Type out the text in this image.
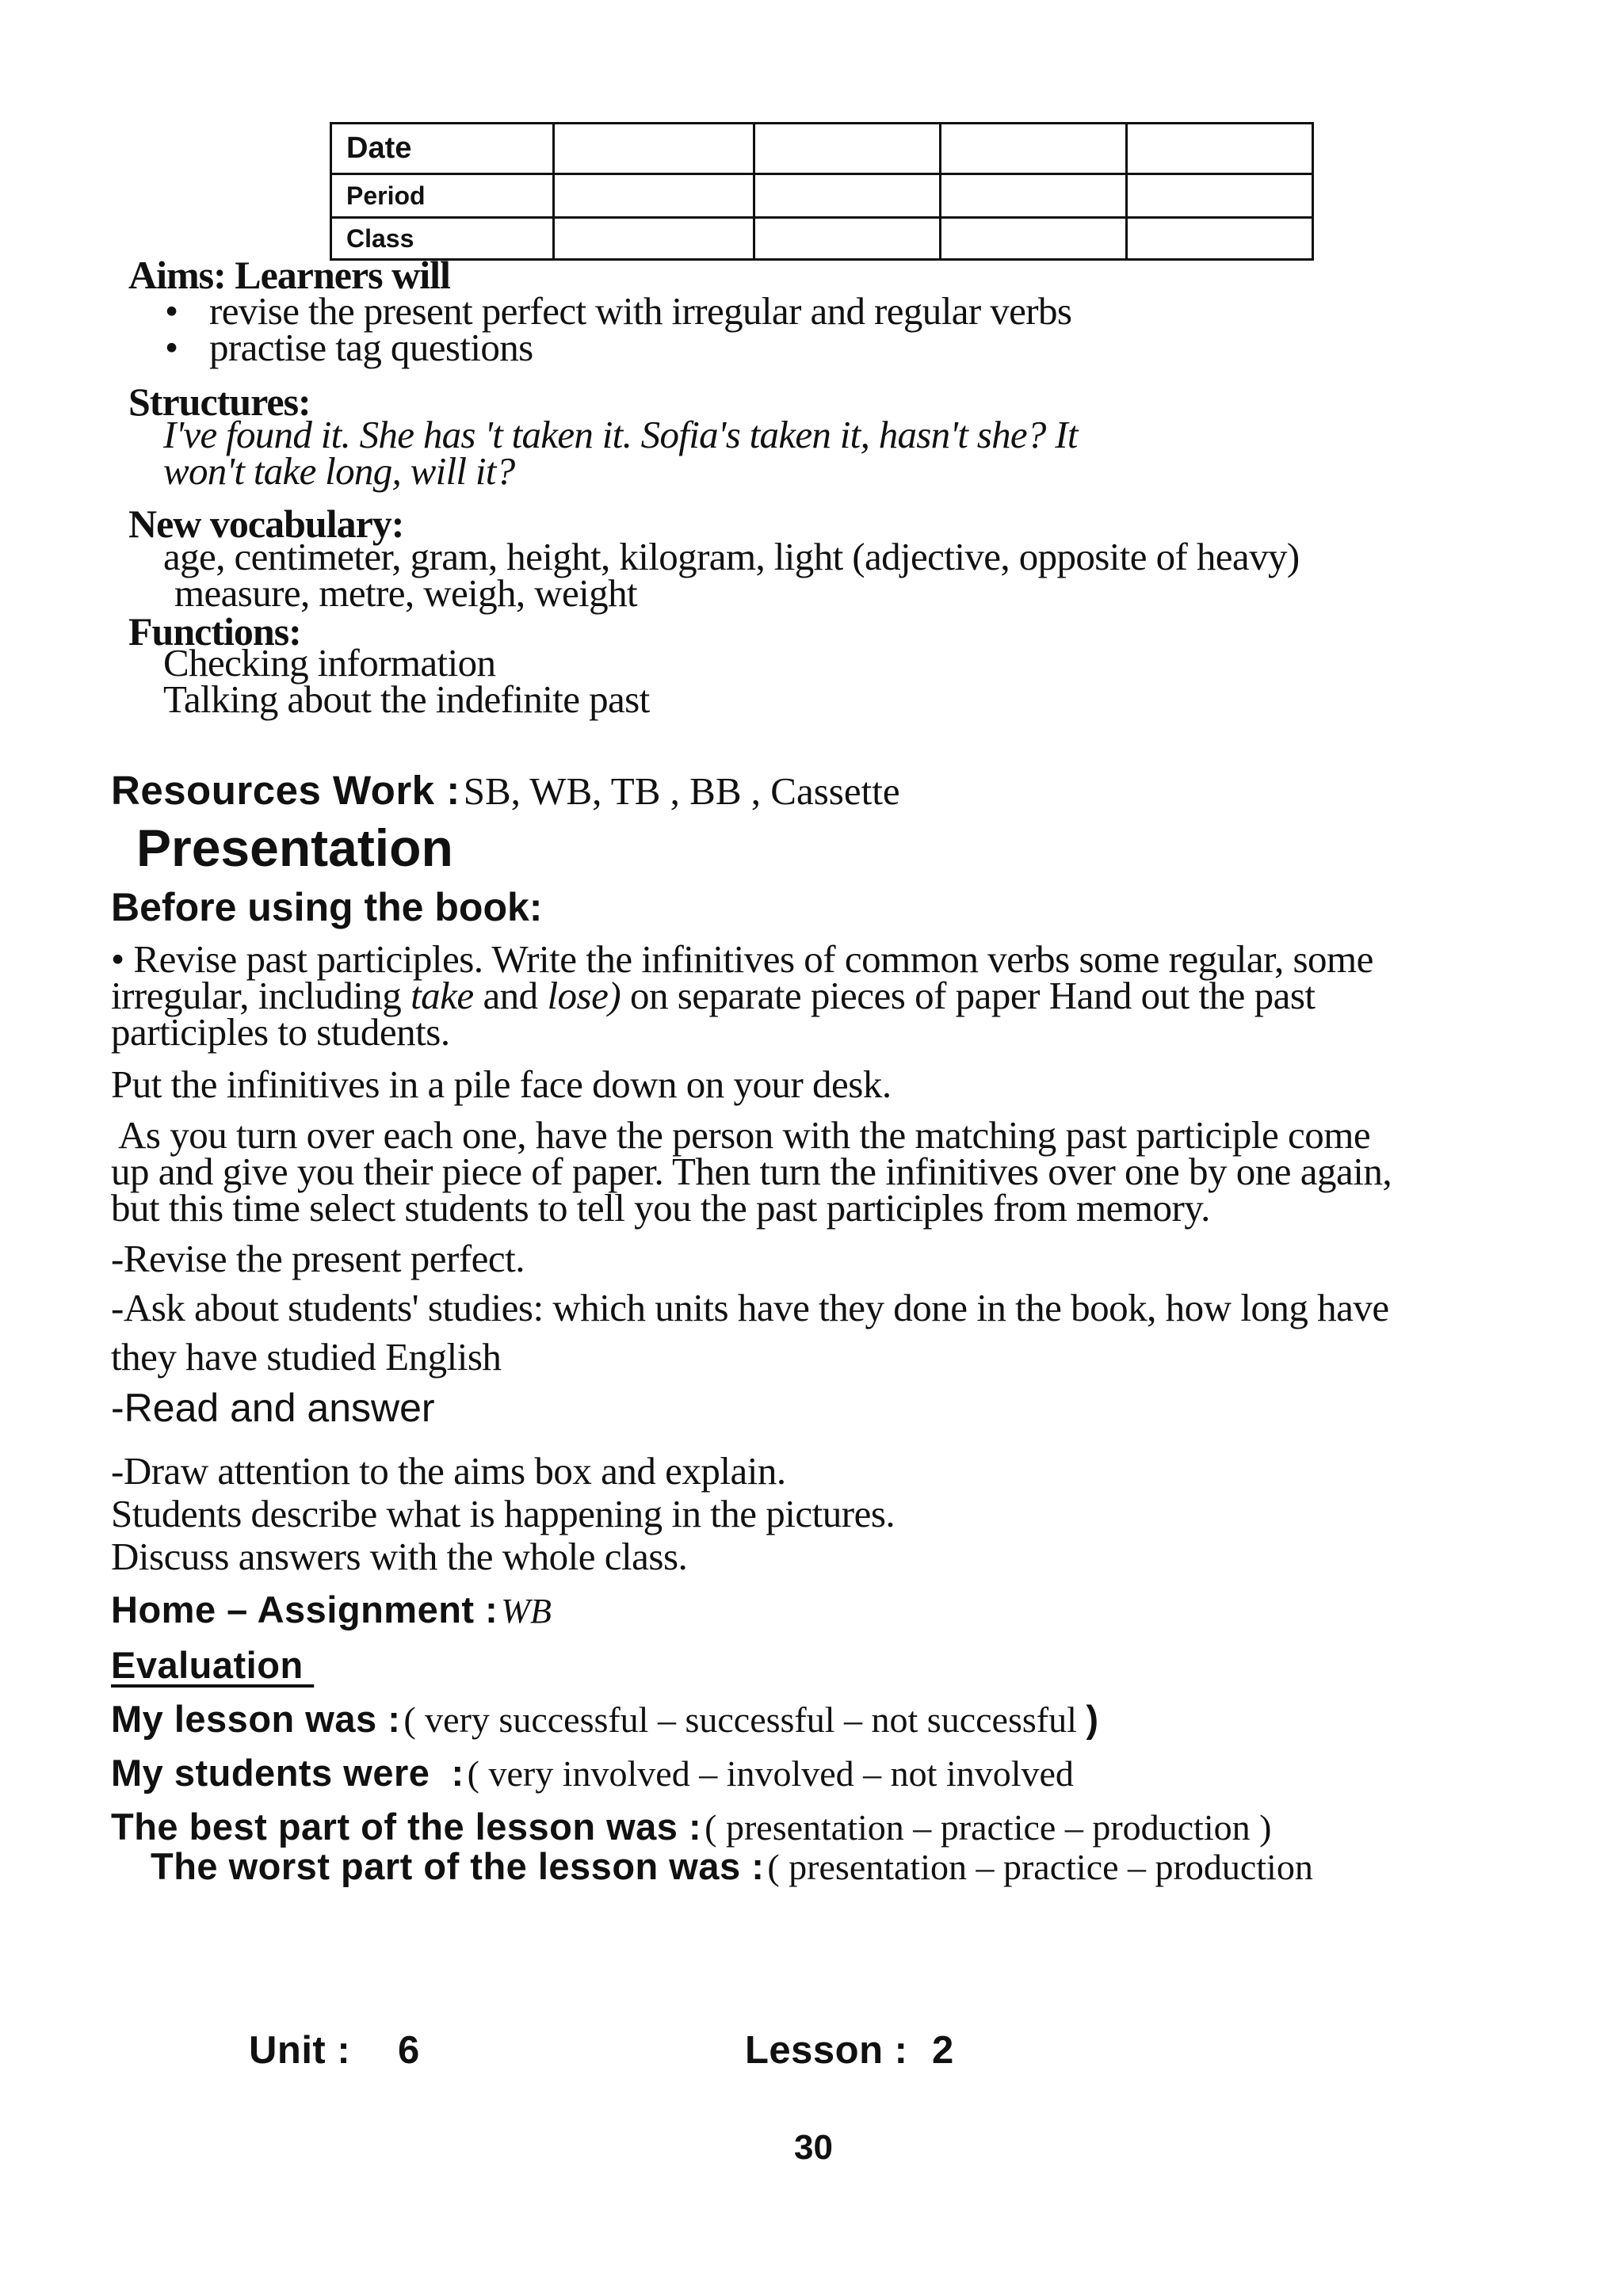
Date				
Period				
Class				
Aims: Learners will
• revise the present perfect with irregular and regular verbs
• practise tag questions
Structures:
I've found it. She has 't taken it. Sofia's taken it, hasn't she? It
won't take long, will it?
New vocabulary:
age, centimeter, gram, height, kilogram, light (adjective, opposite of heavy)
measure, metre, weigh, weight
Functions:
Checking information
Talking about the indefinite past
Resources Work : SB, WB, TB , BB , Cassette
Presentation
Before using the book:
• Revise past participles. Write the infinitives of common verbs some regular, some
irregular, including take and lose) on separate pieces of paper Hand out the past
participles to students.
Put the infinitives in a pile face down on your desk.
As you turn over each one, have the person with the matching past participle come
up and give you their piece of paper. Then turn the infinitives over one by one again,
but this time select students to tell you the past participles from memory.
-Revise the present perfect.
-Ask about students' studies: which units have they done in the book, how long have
they have studied English
-Read and answer
-Draw attention to the aims box and explain.
Students describe what is happening in the pictures.
Discuss answers with the whole class.
Home – Assignment : WB
Evaluation
My lesson was : ( very successful – successful – not successful )
My students were  : ( very involved – involved – not involved
The best part of the lesson was : ( presentation – practice – production )
The worst part of the lesson was : ( presentation – practice – production
Unit : 6	Lesson : 2
30
